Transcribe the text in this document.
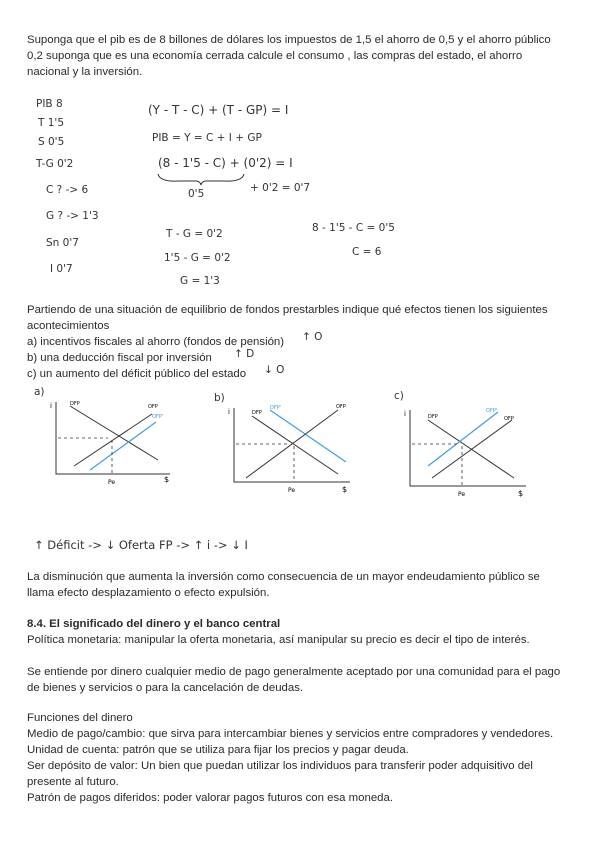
Suponga que el pib es de 8 billones de dólares los impuestos de 1,5 el ahorro de 0,5 y el ahorro público
0,2 suponga que es una economía cerrada calcule el consumo , las compras del estado, el ahorro
nacional y la inversión.
PIB 8
T 1'5
S 0'5
T-G 0'2
C ? -> 6
G ? -> 1'3
Sn 0'7
I 0'7
(Y - T - C) + (T - GP) = I
PIB = Y = C + I + GP
(8 - 1'5 - C) + (0'2) = I
0'5	+ 0'2 = 0'7
T - G = 0'2
1'5 - G = 0'2
G = 1'3
8 - 1'5 - C = 0'5
C = 6
Partiendo de una situación de equilibrio de fondos prestarbles indique qué efectos tienen los siguientes
acontecimientos
a) incentivos fiscales al ahorro (fondos de pensión) ↑ O
b) una deducción fiscal por inversión ↑ D
c) un aumento del déficit público del estado ↓ O
a)
i
$
Pe
DFP	OFP
OFP'
b)
i
$
Pe
DFP
DFP'	OFP
c)
i
$
Pe
DFP	OFP
OFP'
↑ Déficit -> ↓ Oferta FP -> ↑ i -> ↓ I
La disminución que aumenta la inversión como consecuencia de un mayor endeudamiento público se
llama efecto desplazamiento o efecto expulsión.
8.4. El significado del dinero y el banco central
Política monetaria: manipular la oferta monetaria, así manipular su precio es decir el tipo de interés.
Se entiende por dinero cualquier medio de pago generalmente aceptado por una comunidad para el pago
de bienes y servicios o para la cancelación de deudas.
Funciones del dinero
Medio de pago/cambio: que sirva para intercambiar bienes y servicios entre compradores y vendedores.
Unidad de cuenta: patrón que se utiliza para fijar los precios y pagar deuda.
Ser depósito de valor: Un bien que puedan utilizar los individuos para transferir poder adquisitivo del
presente al futuro.
Patrón de pagos diferidos: poder valorar pagos futuros con esa moneda.
